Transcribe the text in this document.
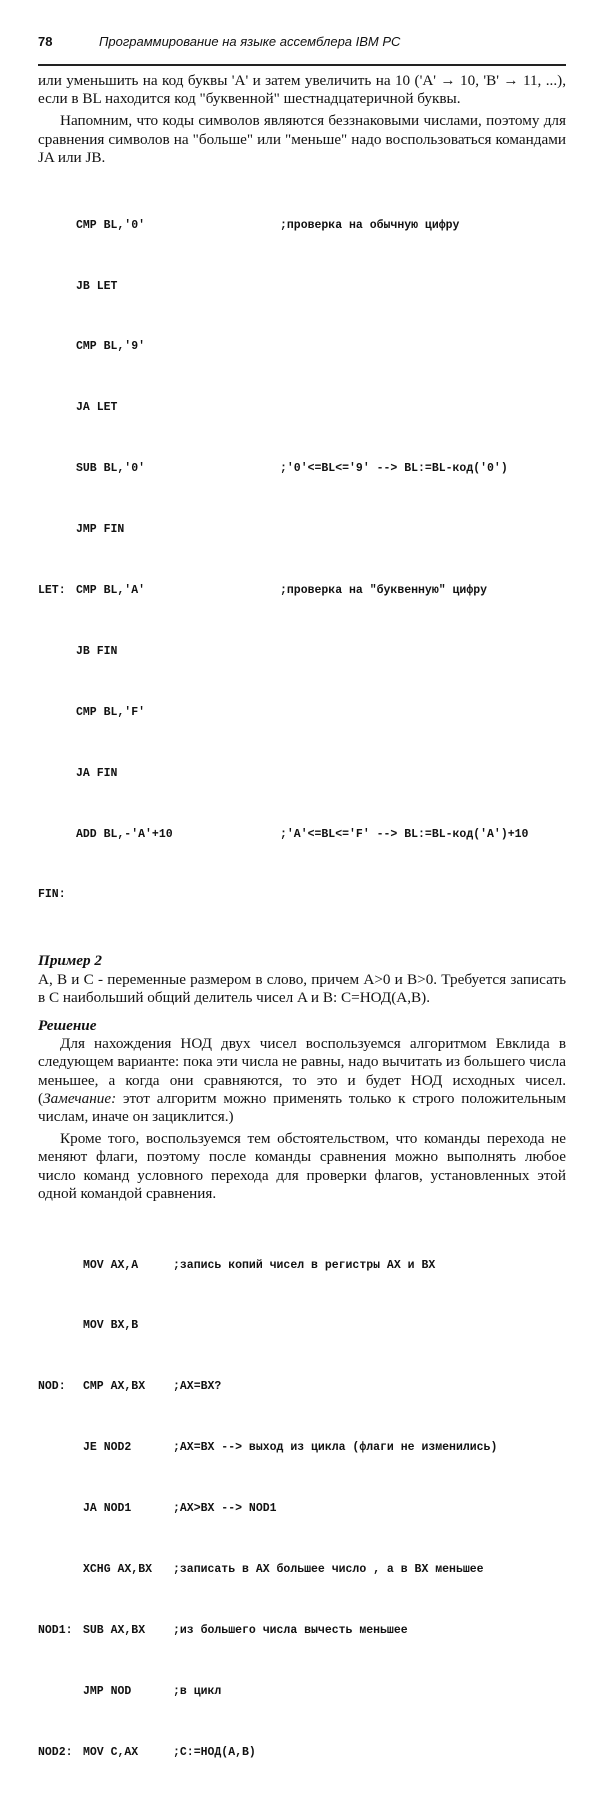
78	Программирование на языке ассемблера IBM PC

или уменьшить на код буквы 'A' и затем увеличить на 10 ('A' → 10, 'B' → 11, ...), если в BL находится код "буквенной" шестнадцатеричной буквы.

Напомним, что коды символов являются беззнаковыми числами, поэтому для сравнения символов на "больше" или "меньше" надо воспользоваться командами JA или JB.

CMP BL,'0'	;проверка на обычную цифру

JB LET

CMP BL,'9'

JA LET

SUB BL,'0'	;'0'<=BL<='9' --> BL:=BL-код('0')

JMP FIN

LET: CMP BL,'A'	;проверка на "буквенную" цифру

JB FIN

CMP BL,'F'

JA FIN

ADD BL,-'A'+10	;'A'<=BL<='F' --> BL:=BL-код('A')+10

FIN:

Пример 2

A, B и C - переменные размером в слово, причем A>0 и B>0. Требуется записать в C наибольший общий делитель чисел A и B: C=НОД(A,B).

Решение

Для нахождения НОД двух чисел воспользуемся алгоритмом Евклида в следующем варианте: пока эти числа не равны, надо вычитать из большего числа меньшее, а когда они сравняются, то это и будет НОД исходных чисел. (Замечание: этот алгоритм можно применять только к строго положительным числам, иначе он зациклится.)

Кроме того, воспользуемся тем обстоятельством, что команды перехода не меняют флаги, поэтому после команды сравнения можно выполнять любое число команд условного перехода для проверки флагов, установленных этой одной командой сравнения.

MOV AX,A	;запись копий чисел в регистры AX и BX

MOV BX,B

NOD: CMP AX,BX ;AX=BX?

JE NOD2	;AX=BX --> выход из цикла (флаги не изменились)

JA NOD1	;AX>BX --> NOD1

XCHG AX,BX ;записать в AX большее число , а в BX меньшее

NOD1: SUB AX,BX ;из большего числа вычесть меньшее

JMP NOD	;в цикл

NOD2: MOV C,AX	;C:=НОД(A,B)
